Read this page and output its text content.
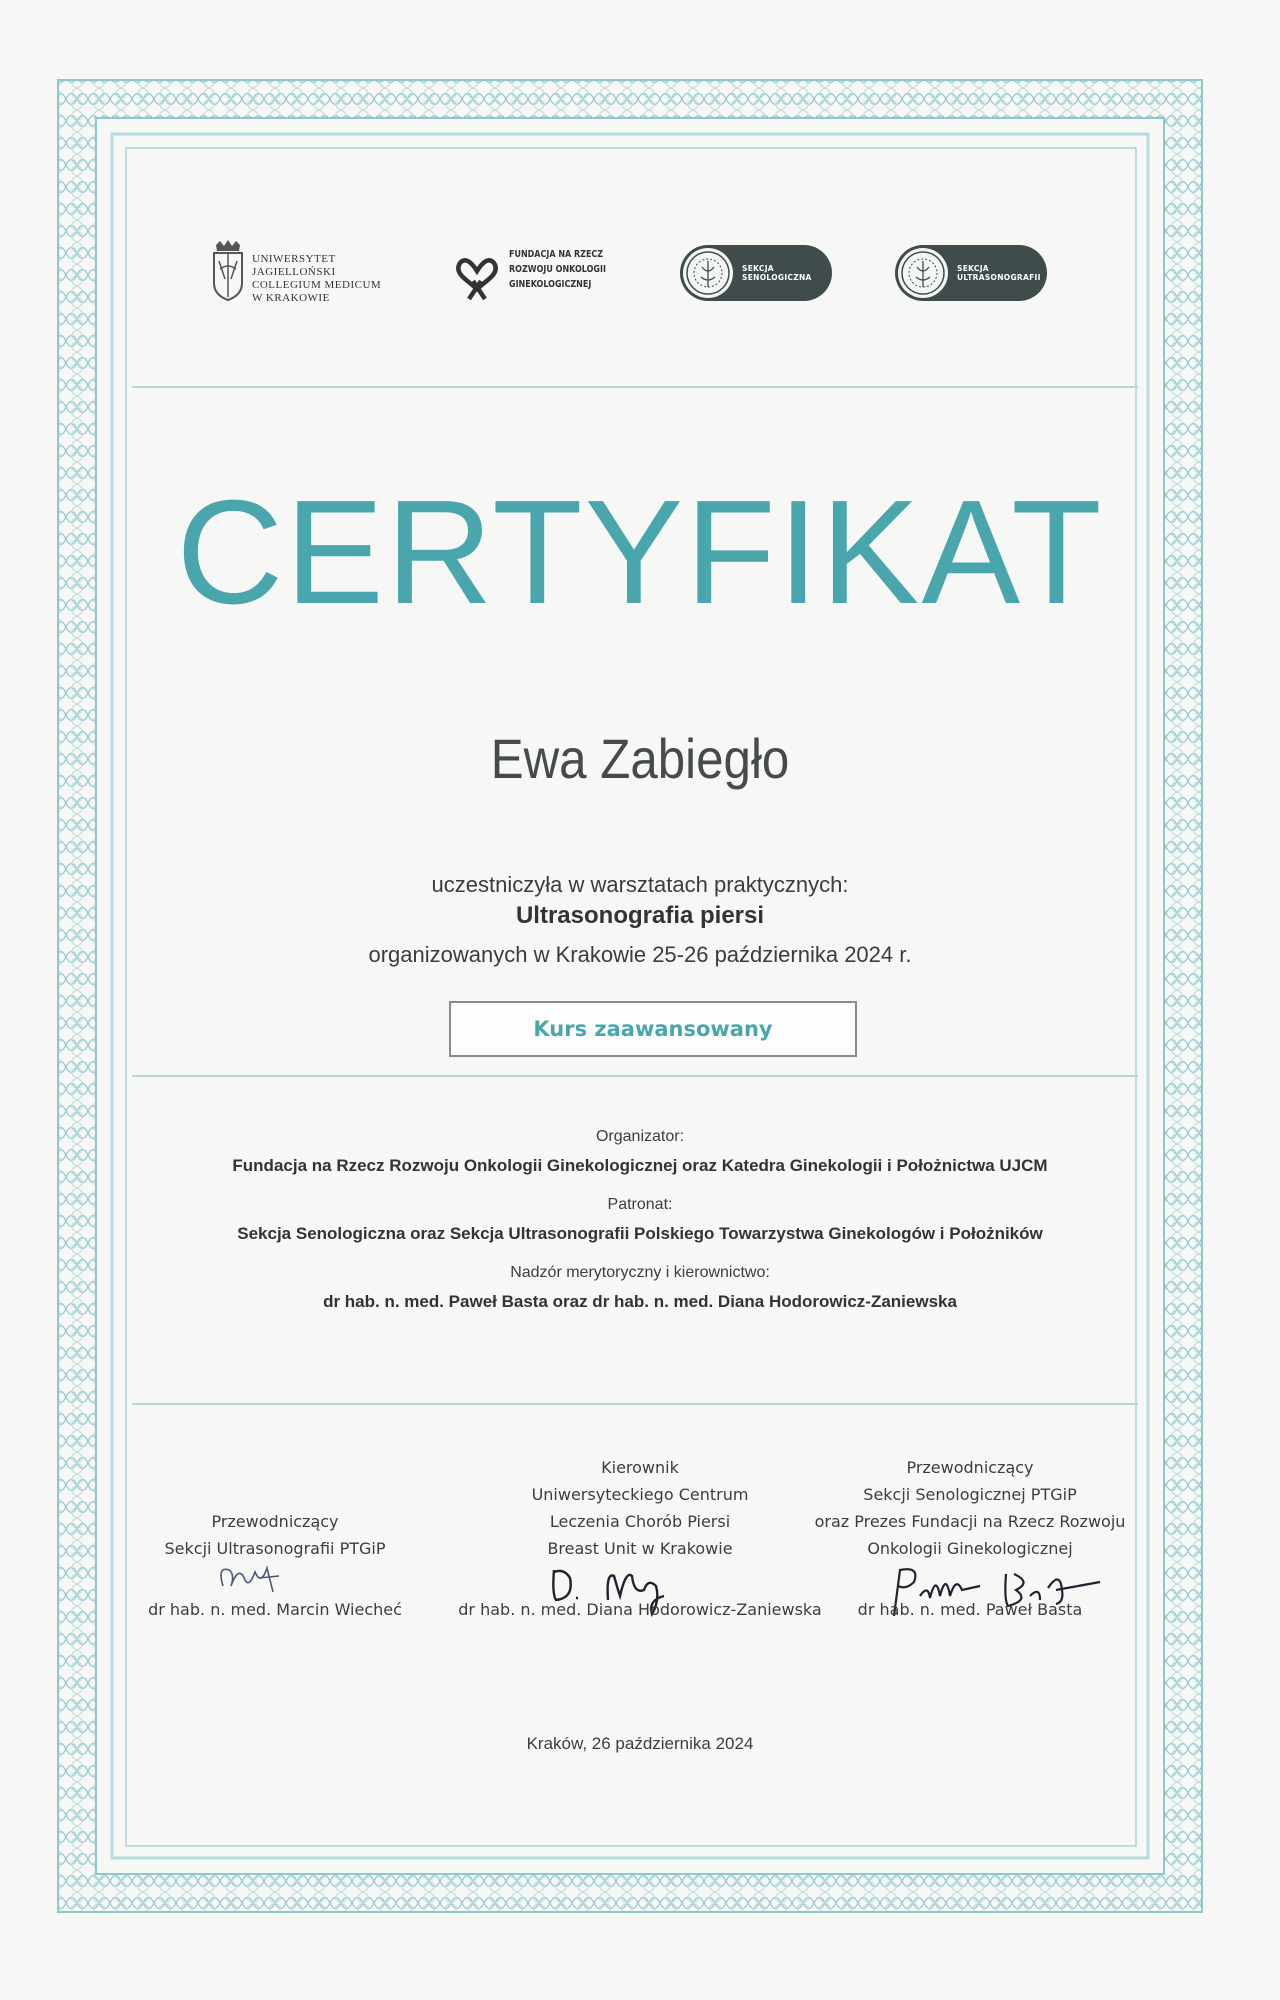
UNIWERSYTET JAGIELLOŃSKI
COLLEGIUM MEDICUM
W KRAKOWIE
FUNDACJA NA RZECZ
ROZWOJU ONKOLOGII
GINEKOLOGICZNEJ
SEKCJA
SENOLOGICZNA
SEKCJA
ULTRASONOGRAFII
CERTYFIKAT
Ewa Zabiegło
uczestniczyła w warsztatach praktycznych:
Ultrasonografia piersi
organizowanych w Krakowie 25-26 października 2024 r.
Kurs zaawansowany
Organizator:
Fundacja na Rzecz Rozwoju Onkologii Ginekologicznej oraz Katedra Ginekologii i Położnictwa UJCM
Patronat:
Sekcja Senologiczna oraz Sekcja Ultrasonografii Polskiego Towarzystwa Ginekologów i Położników
Nadzór merytoryczny i kierownictwo:
dr hab. n. med. Paweł Basta oraz dr hab. n. med. Diana Hodorowicz-Zaniewska
Przewodniczący
Sekcji Ultrasonografii PTGiP
Kierownik
Uniwersyteckiego Centrum
Leczenia Chorób Piersi
Breast Unit w Krakowie
Przewodniczący
Sekcji Senologicznej PTGiP
oraz Prezes Fundacji na Rzecz Rozwoju
Onkologii Ginekologicznej
dr hab. n. med. Marcin Wiecheć	dr hab. n. med. Diana Hodorowicz-Zaniewska	dr hab. n. med. Paweł Basta
Kraków, 26 października 2024
